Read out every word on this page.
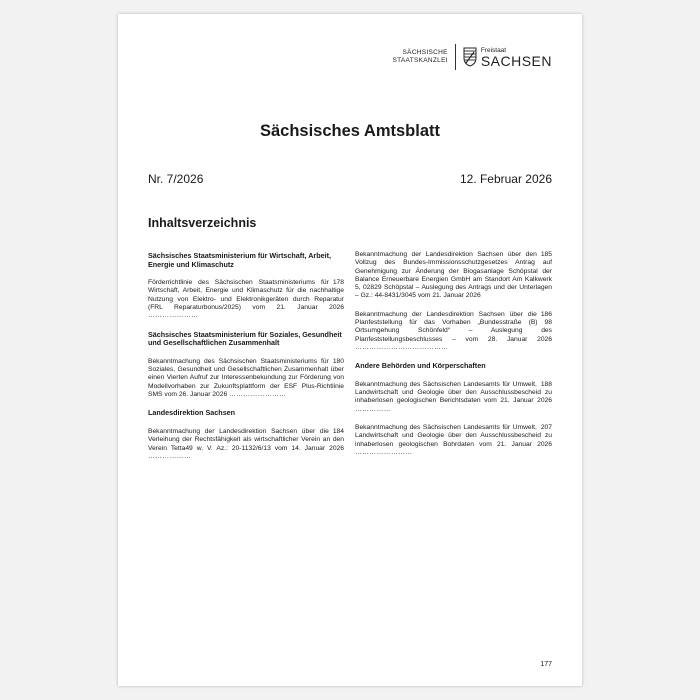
SÄCHSISCHE
STAATSKANZLEI
Freistaat
SACHSEN
Sächsisches Amtsblatt
Nr. 7/2026	12. Februar 2026
Inhaltsverzeichnis
Sächsisches Staatsministerium für Wirtschaft, Arbeit, Energie und Klimaschutz
178
Förderrichtlinie des Sächsischen Staatsministeriums für Wirtschaft, Arbeit, Energie und Klimaschutz für die nachhaltige Nutzung von Elektro- und Elektronikgeräten durch Reparatur (FRL Reparaturbonus/2025) vom 21. Januar 2026 …………………
Sächsisches Staatsministerium für Soziales, Gesundheit und Gesellschaftlichen Zusammenhalt
180
Bekanntmachung des Sächsischen Staatsministeriums für Soziales, Gesundheit und Gesellschaftlichen Zusammenhalt über einen Vierten Aufruf zur Interessenbekundung zur Förderung von Modellvorhaben zur Zukunftsplattform der ESF Plus-Richtlinie SMS vom 26. Januar 2026 ……………………
Landesdirektion Sachsen
184
Bekanntmachung der Landesdirektion Sachsen über die Verleihung der Rechtsfähigkeit als wirtschaftlicher Verein an den Verein Tetta49 w. V. Az.: 20-1132/6/13 vom 14. Januar 2026 ………………
185
Bekanntmachung der Landesdirektion Sachsen über den Vollzug des Bundes-Immissionsschutzgesetzes Antrag auf Genehmigung zur Änderung der Biogasanlage Schöpstal der Balance Erneuerbare Energien GmbH am Standort Am Kalkwerk 5, 02829 Schöpstal – Auslegung des Antrags und der Unterlagen – Gz.: 44-8431/3045 vom 21. Januar 2026
186
Bekanntmachung der Landesdirektion Sachsen über die Planfeststellung für das Vorhaben „Bundesstraße (B) 98 Ortsumgehung Schönfeld“ – Auslegung des Planfeststellungsbeschlusses – vom 28. Januar 2026 …………………………………
Andere Behörden und Körperschaften
188
Bekanntmachung des Sächsischen Landesamts für Umwelt, Landwirtschaft und Geologie über den Ausschlussbescheid zu inhaberlosen geologischen Berichtsdaten vom 21. Januar 2026 ……………
207
Bekanntmachung des Sächsischen Landesamts für Umwelt, Landwirtschaft und Geologie über den Ausschlussbescheid zu inhaberlosen geologischen Bohrdaten vom 21. Januar 2026 ……………………
177
